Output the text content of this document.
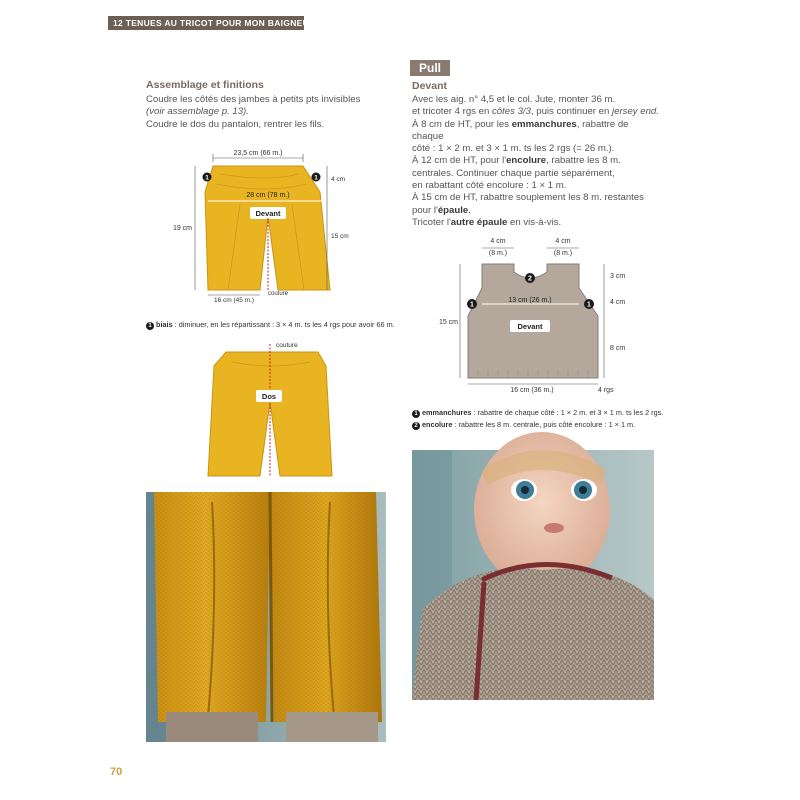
12 TENUES AU TRICOT POUR MON BAIGNEUR
Assemblage et finitions
Coudre les côtés des jambes à petits pts invisibles
(voir assemblage p. 13).
Coudre le dos du pantalon, rentrer les fils.
23,5 cm (66 m.)
28 cm (78 m.)
Devant
1	1
19 cm
4 cm
15 cm
16 cm (45 m.)
couture
1 biais : diminuer, en les répartissant : 3 × 4 m. ts les 4 rgs pour avoir 66 m.
couture
Dos
Pull
Devant
Avec les aig. n° 4,5 et le col. Jute, monter 36 m.
et tricoter 4 rgs en côtes 3/3, puis continuer en jersey end.
À 8 cm de HT, pour les emmanchures, rabattre de chaque
côté : 1 × 2 m. et 3 × 1 m. ts les 2 rgs (= 26 m.).
À 12 cm de HT, pour l'encolure, rabattre les 8 m.
centrales. Continuer chaque partie séparément,
en rabattant côté encolure : 1 × 1 m.
À 15 cm de HT, rabattre souplement les 8 m. restantes
pour l'épaule.
Tricoter l'autre épaule en vis-à-vis.
4 cm
(8 m.)
4 cm
(8 m.)
13 cm (26 m.)
Devant
1	1
2	3 cm
4 cm
8 cm
15 cm
16 cm (36 m.)	4 rgs
1 emmanchures : rabattre de chaque côté : 1 × 2 m. et 3 × 1 m. ts les 2 rgs.
2 encolure : rabattre les 8 m. centrale, puis côté encolure : 1 × 1 m.
70
